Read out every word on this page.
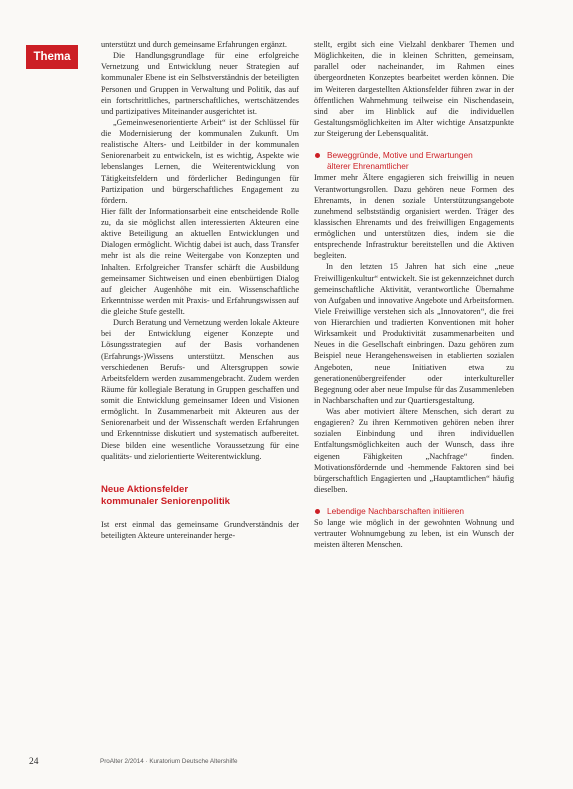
Thema

unterstützt und durch gemeinsame Erfahrungen ergänzt.

Die Handlungsgrundlage für eine erfolgreiche Vernetzung und Entwicklung neuer Strategien auf kommunaler Ebene ist ein Selbstverständnis der beteiligten Personen und Gruppen in Verwaltung und Politik, das auf ein fortschrittliches, partnerschaftliches, wertschätzendes und partizipatives Miteinander ausgerichtet ist.

„Gemeinwesenorientierte Arbeit“ ist der Schlüssel für die Modernisierung der kommunalen Zukunft. Um realistische Alters- und Leitbilder in der kommunalen Seniorenarbeit zu entwickeln, ist es wichtig, Aspekte wie lebenslanges Lernen, die Weiterentwicklung von Tätigkeitsfeldern und förderlicher Bedingungen für Partizipation und bürgerschaftliches Engagement zu fördern.

Hier fällt der Informationsarbeit eine entscheidende Rolle zu, da sie möglichst allen interessierten Akteuren eine aktive Beteiligung an aktuellen Entwicklungen und Dialogen ermöglicht. Wichtig dabei ist auch, dass Transfer mehr ist als die reine Weitergabe von Konzepten und Inhalten. Erfolgreicher Transfer schärft die Ausbildung gemeinsamer Sichtweisen und einen ebenbürtigen Dialog auf gleicher Augenhöhe mit ein. Wissenschaftliche Erkenntnisse werden mit Praxis- und Erfahrungswissen auf die gleiche Stufe gestellt.

Durch Beratung und Vernetzung werden lokale Akteure bei der Entwicklung eigener Konzepte und Lösungsstrategien auf der Basis vorhandenen (Erfahrungs-)Wissens unterstützt. Menschen aus verschiedenen Berufs- und Altersgruppen sowie Arbeitsfeldern werden zusammengebracht. Zudem werden Räume für kollegiale Beratung in Gruppen geschaffen und somit die Entwicklung gemeinsamer Ideen und Visionen ermöglicht. In Zusammenarbeit mit Akteuren aus der Seniorenarbeit und der Wissenschaft werden Erfahrungen und Erkenntnisse diskutiert und systematisch aufbereitet. Diese bilden eine wesentliche Voraussetzung für eine qualitäts- und zielorientierte Weiterentwicklung.

Neue Aktionsfelder
kommunaler Seniorenpolitik

Ist erst einmal das gemeinsame Grundverständnis der beteiligten Akteure untereinander herge-

stellt, ergibt sich eine Vielzahl denkbarer Themen und Möglichkeiten, die in kleinen Schritten, gemeinsam, parallel oder nacheinander, im Rahmen eines übergeordneten Konzeptes bearbeitet werden können. Die im Weiteren dargestellten Aktionsfelder führen zwar in der öffentlichen Wahrnehmung teilweise ein Nischendasein, sind aber im Hinblick auf die individuellen Gestaltungsmöglichkeiten im Alter wichtige Ansatzpunkte zur Steigerung der Lebensqualität.

Beweggründe, Motive und Erwartungen
älterer Ehrenamtlicher

Immer mehr Ältere engagieren sich freiwillig in neuen Verantwortungsrollen. Dazu gehören neue Formen des Ehrenamts, in denen soziale Unterstützungsangebote zunehmend selbstständig organisiert werden. Träger des klassischen Ehrenamts und des freiwilligen Engagements ermöglichen und unterstützen dies, indem sie die entsprechende Infrastruktur bereitstellen und die Aktiven begleiten.

In den letzten 15 Jahren hat sich eine „neue Freiwilligenkultur“ entwickelt. Sie ist gekennzeichnet durch gemeinschaftliche Aktivität, verantwortliche Übernahme von Aufgaben und innovative Angebote und Arbeitsformen. Viele Freiwillige verstehen sich als „Innovatoren“, die frei von Hierarchien und tradierten Konventionen mit hoher Wirksamkeit und Produktivität zusammenarbeiten und Neues in die Gesellschaft einbringen. Dazu gehören zum Beispiel neue Herangehensweisen in etablierten sozialen Angeboten, neue Initiativen etwa zu generationenübergreifender oder interkultureller Begegnung oder aber neue Impulse für das Zusammenleben in Nachbarschaften und zur Quartiersgestaltung.

Was aber motiviert ältere Menschen, sich derart zu engagieren? Zu ihren Kernmotiven gehören neben ihrer sozialen Einbindung und ihren individuellen Entfaltungsmöglichkeiten auch der Wunsch, dass ihre eigenen Fähigkeiten „Nachfrage“ finden. Motivationsfördernde und -hemmende Faktoren sind bei bürgerschaftlich Engagierten und „Hauptamtlichen“ häufig dieselben.

Lebendige Nachbarschaften initiieren

So lange wie möglich in der gewohnten Wohnung und vertrauter Wohnumgebung zu leben, ist ein Wunsch der meisten älteren Menschen.

24	ProAlter 2/2014 · Kuratorium Deutsche Altershilfe
